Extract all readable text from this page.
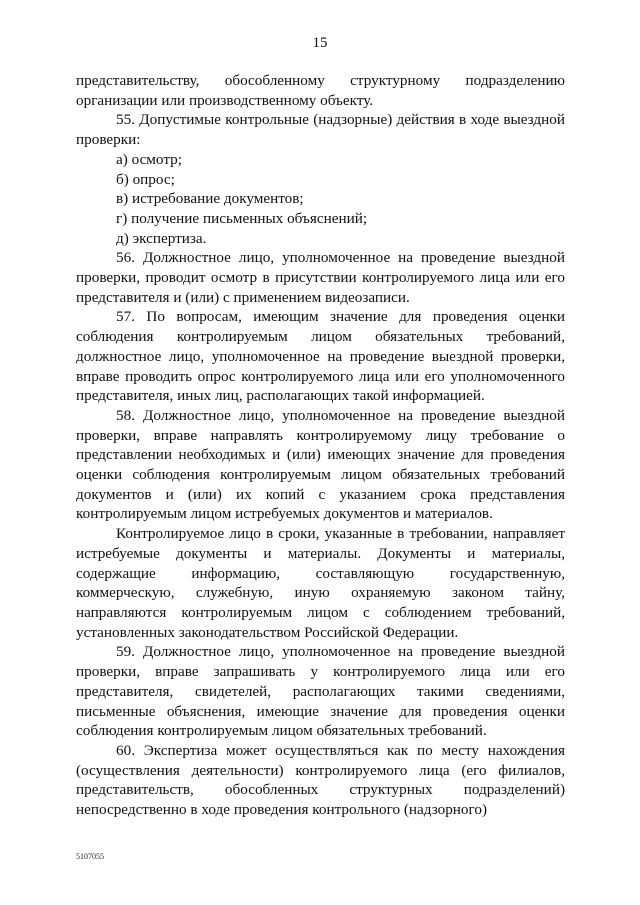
15

представительству, обособленному структурному подразделению организации или производственному объекту.

55. Допустимые контрольные (надзорные) действия в ходе выездной проверки:

а) осмотр;

б) опрос;

в) истребование документов;

г) получение письменных объяснений;

д) экспертиза.

56. Должностное лицо, уполномоченное на проведение выездной проверки, проводит осмотр в присутствии контролируемого лица или его представителя и (или) с применением видеозаписи.

57. По вопросам, имеющим значение для проведения оценки соблюдения контролируемым лицом обязательных требований, должностное лицо, уполномоченное на проведение выездной проверки, вправе проводить опрос контролируемого лица или его уполномоченного представителя, иных лиц, располагающих такой информацией.

58. Должностное лицо, уполномоченное на проведение выездной проверки, вправе направлять контролируемому лицу требование о представлении необходимых и (или) имеющих значение для проведения оценки соблюдения контролируемым лицом обязательных требований документов и (или) их копий с указанием срока представления контролируемым лицом истребуемых документов и материалов.

Контролируемое лицо в сроки, указанные в требовании, направляет истребуемые документы и материалы. Документы и материалы, содержащие информацию, составляющую государственную, коммерческую, служебную, иную охраняемую законом тайну, направляются контролируемым лицом с соблюдением требований, установленных законодательством Российской Федерации.

59. Должностное лицо, уполномоченное на проведение выездной проверки, вправе запрашивать у контролируемого лица или его представителя, свидетелей, располагающих такими сведениями, письменные объяснения, имеющие значение для проведения оценки соблюдения контролируемым лицом обязательных требований.

60. Экспертиза может осуществляться как по месту нахождения (осуществления деятельности) контролируемого лица (его филиалов, представительств, обособленных структурных подразделений) непосредственно в ходе проведения контрольного (надзорного)

5107055
